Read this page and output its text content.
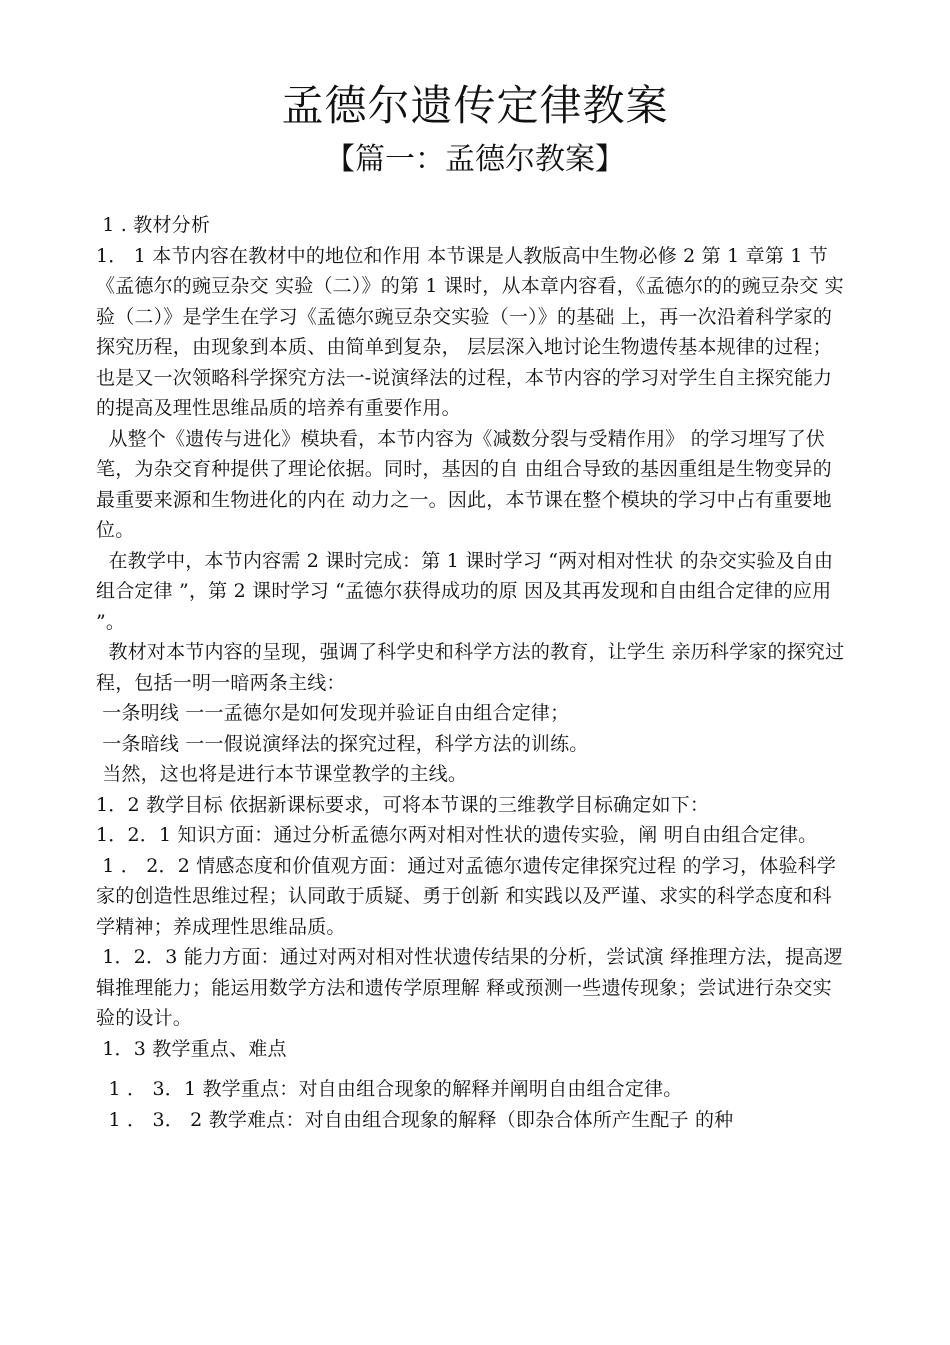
孟德尔遗传定律教案
【篇一：孟德尔教案】

1 . 教材分析

1． 1 本节内容在教材中的地位和作用 本节课是人教版高中生物必修 2 第 1 章第 1 节《孟德尔的豌豆杂交 实验（二）》的第 1 课时，从本章内容看，《孟德尔的的豌豆杂交 实验（二）》是学生在学习《孟德尔豌豆杂交实验（一）》的基础 上，再一次沿着科学家的探究历程，由现象到本质、由简单到复杂， 层层深入地讨论生物遗传基本规律的过程；也是又一次领略科学探究方法一-说演绎法的过程，本节内容的学习对学生自主探究能力 的提高及理性思维品质的培养有重要作用。

从整个《遗传与进化》模块看，本节内容为《减数分裂与受精作用》 的学习埋写了伏笔，为杂交育种提供了理论依据。同时，基因的自 由组合导致的基因重组是生物变异的最重要来源和生物进化的内在 动力之一。因此，本节课在整个模块的学习中占有重要地位。

在教学中，本节内容需 2 课时完成：第 1 课时学习 “两对相对性状 的杂交实验及自由组合定律 ”，第 2 课时学习 “孟德尔获得成功的原 因及其再发现和自由组合定律的应用 ”。

教材对本节内容的呈现，强调了科学史和科学方法的教育，让学生 亲历科学家的探究过程，包括一明一暗两条主线：

一条明线 一一孟德尔是如何发现并验证自由组合定律；

一条暗线 一一假说演绎法的探究过程，科学方法的训练。

当然，这也将是进行本节课堂教学的主线。

1．2 教学目标 依据新课标要求，可将本节课的三维教学目标确定如下：

1．2．1 知识方面：通过分析孟德尔两对相对性状的遗传实验，阐 明自由组合定律。

1 ． 2．2 情感态度和价值观方面：通过对孟德尔遗传定律探究过程 的学习，体验科学家的创造性思维过程；认同敢于质疑、勇于创新 和实践以及严谨、求实的科学态度和科学精神；养成理性思维品质。

1．2．3 能力方面：通过对两对相对性状遗传结果的分析，尝试演 绎推理方法，提高逻辑推理能力；能运用数学方法和遗传学原理解 释或预测一些遗传现象；尝试进行杂交实验的设计。

1．3 教学重点、难点

1 ． 3．1 教学重点：对自由组合现象的解释并阐明自由组合定律。

1 ． 3． 2 教学难点：对自由组合现象的解释（即杂合体所产生配子 的种
